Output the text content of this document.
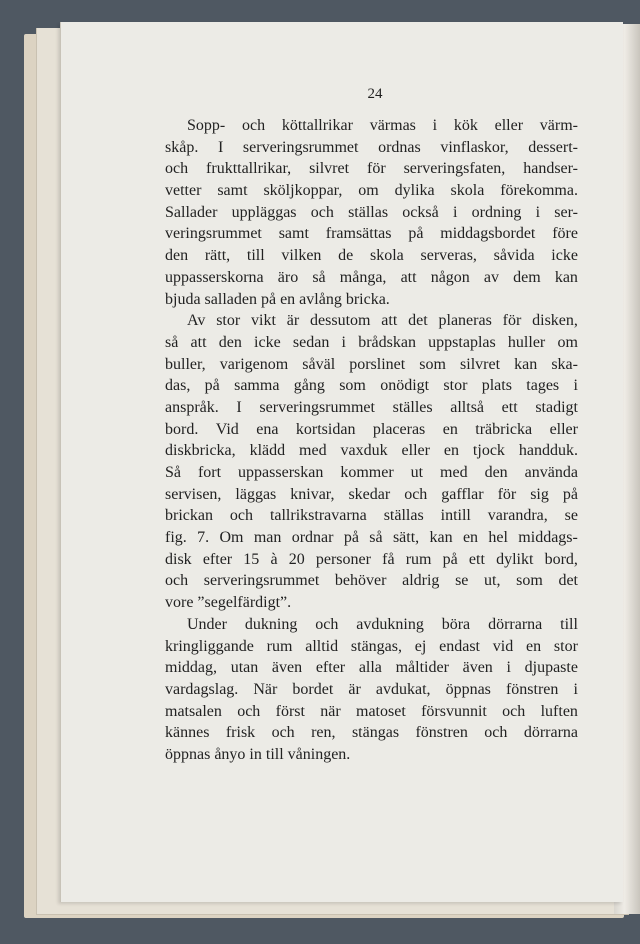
24
Sopp- och köttallrikar värmas i kök eller värm-
skåp. I serveringsrummet ordnas vinflaskor, dessert-
och frukttallrikar, silvret för serveringsfaten, handser-
vetter samt sköljkoppar, om dylika skola förekomma.
Sallader uppläggas och ställas också i ordning i ser-
veringsrummet samt framsättas på middagsbordet före
den rätt, till vilken de skola serveras, såvida icke
uppasserskorna äro så många, att någon av dem kan
bjuda salladen på en avlång bricka.
Av stor vikt är dessutom att det planeras för disken,
så att den icke sedan i brådskan uppstaplas huller om
buller, varigenom såväl porslinet som silvret kan ska-
das, på samma gång som onödigt stor plats tages i
anspråk. I serveringsrummet ställes alltså ett stadigt
bord. Vid ena kortsidan placeras en träbricka eller
diskbricka, klädd med vaxduk eller en tjock handduk.
Så fort uppasserskan kommer ut med den använda
servisen, läggas knivar, skedar och gafflar för sig på
brickan och tallrikstravarna ställas intill varandra, se
fig. 7. Om man ordnar på så sätt, kan en hel middags-
disk efter 15 à 20 personer få rum på ett dylikt bord,
och serveringsrummet behöver aldrig se ut, som det
vore ”segelfärdigt”.
Under dukning och avdukning böra dörrarna till
kringliggande rum alltid stängas, ej endast vid en stor
middag, utan även efter alla måltider även i djupaste
vardagslag. När bordet är avdukat, öppnas fönstren i
matsalen och först när matoset försvunnit och luften
kännes frisk och ren, stängas fönstren och dörrarna
öppnas ånyo in till våningen.
